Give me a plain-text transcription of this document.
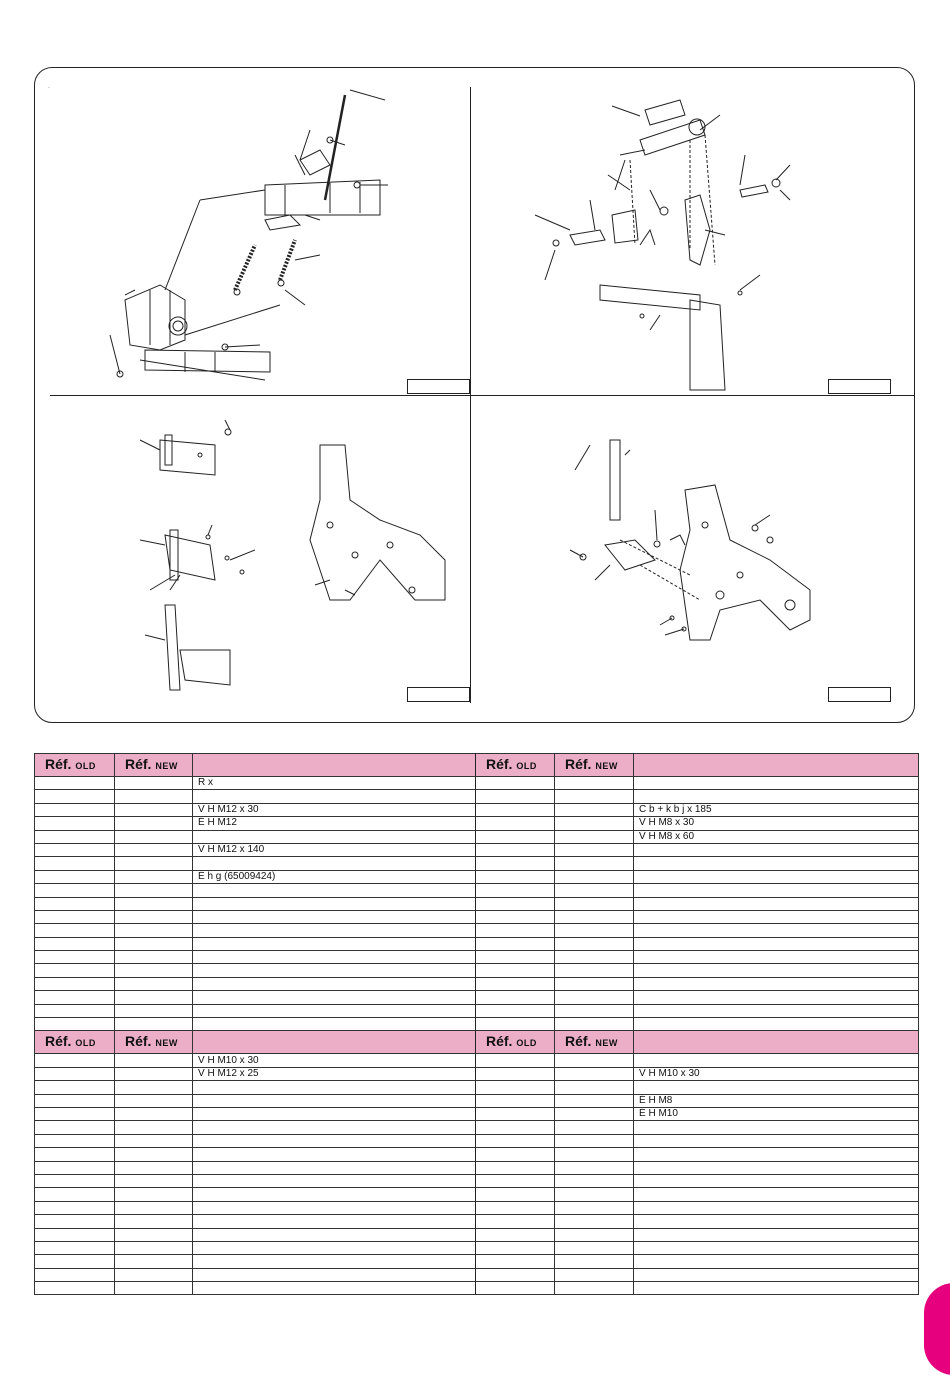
·
Réf. OLD	Réf. NEW		Réf. OLD	Réf. NEW	
		R x			

		V H M12 x 30			C b + k b j x 185
		É H M12			V H M8 x 30
					V H M8 x 60
		V H M12 x 140			

		É h g (65009424)			

Réf. OLD	Réf. NEW		Réf. OLD	Réf. NEW	
		V H M10 x 30			
		V H M12 x 25			V H M10 x 30

					É H M8
					É H M10
